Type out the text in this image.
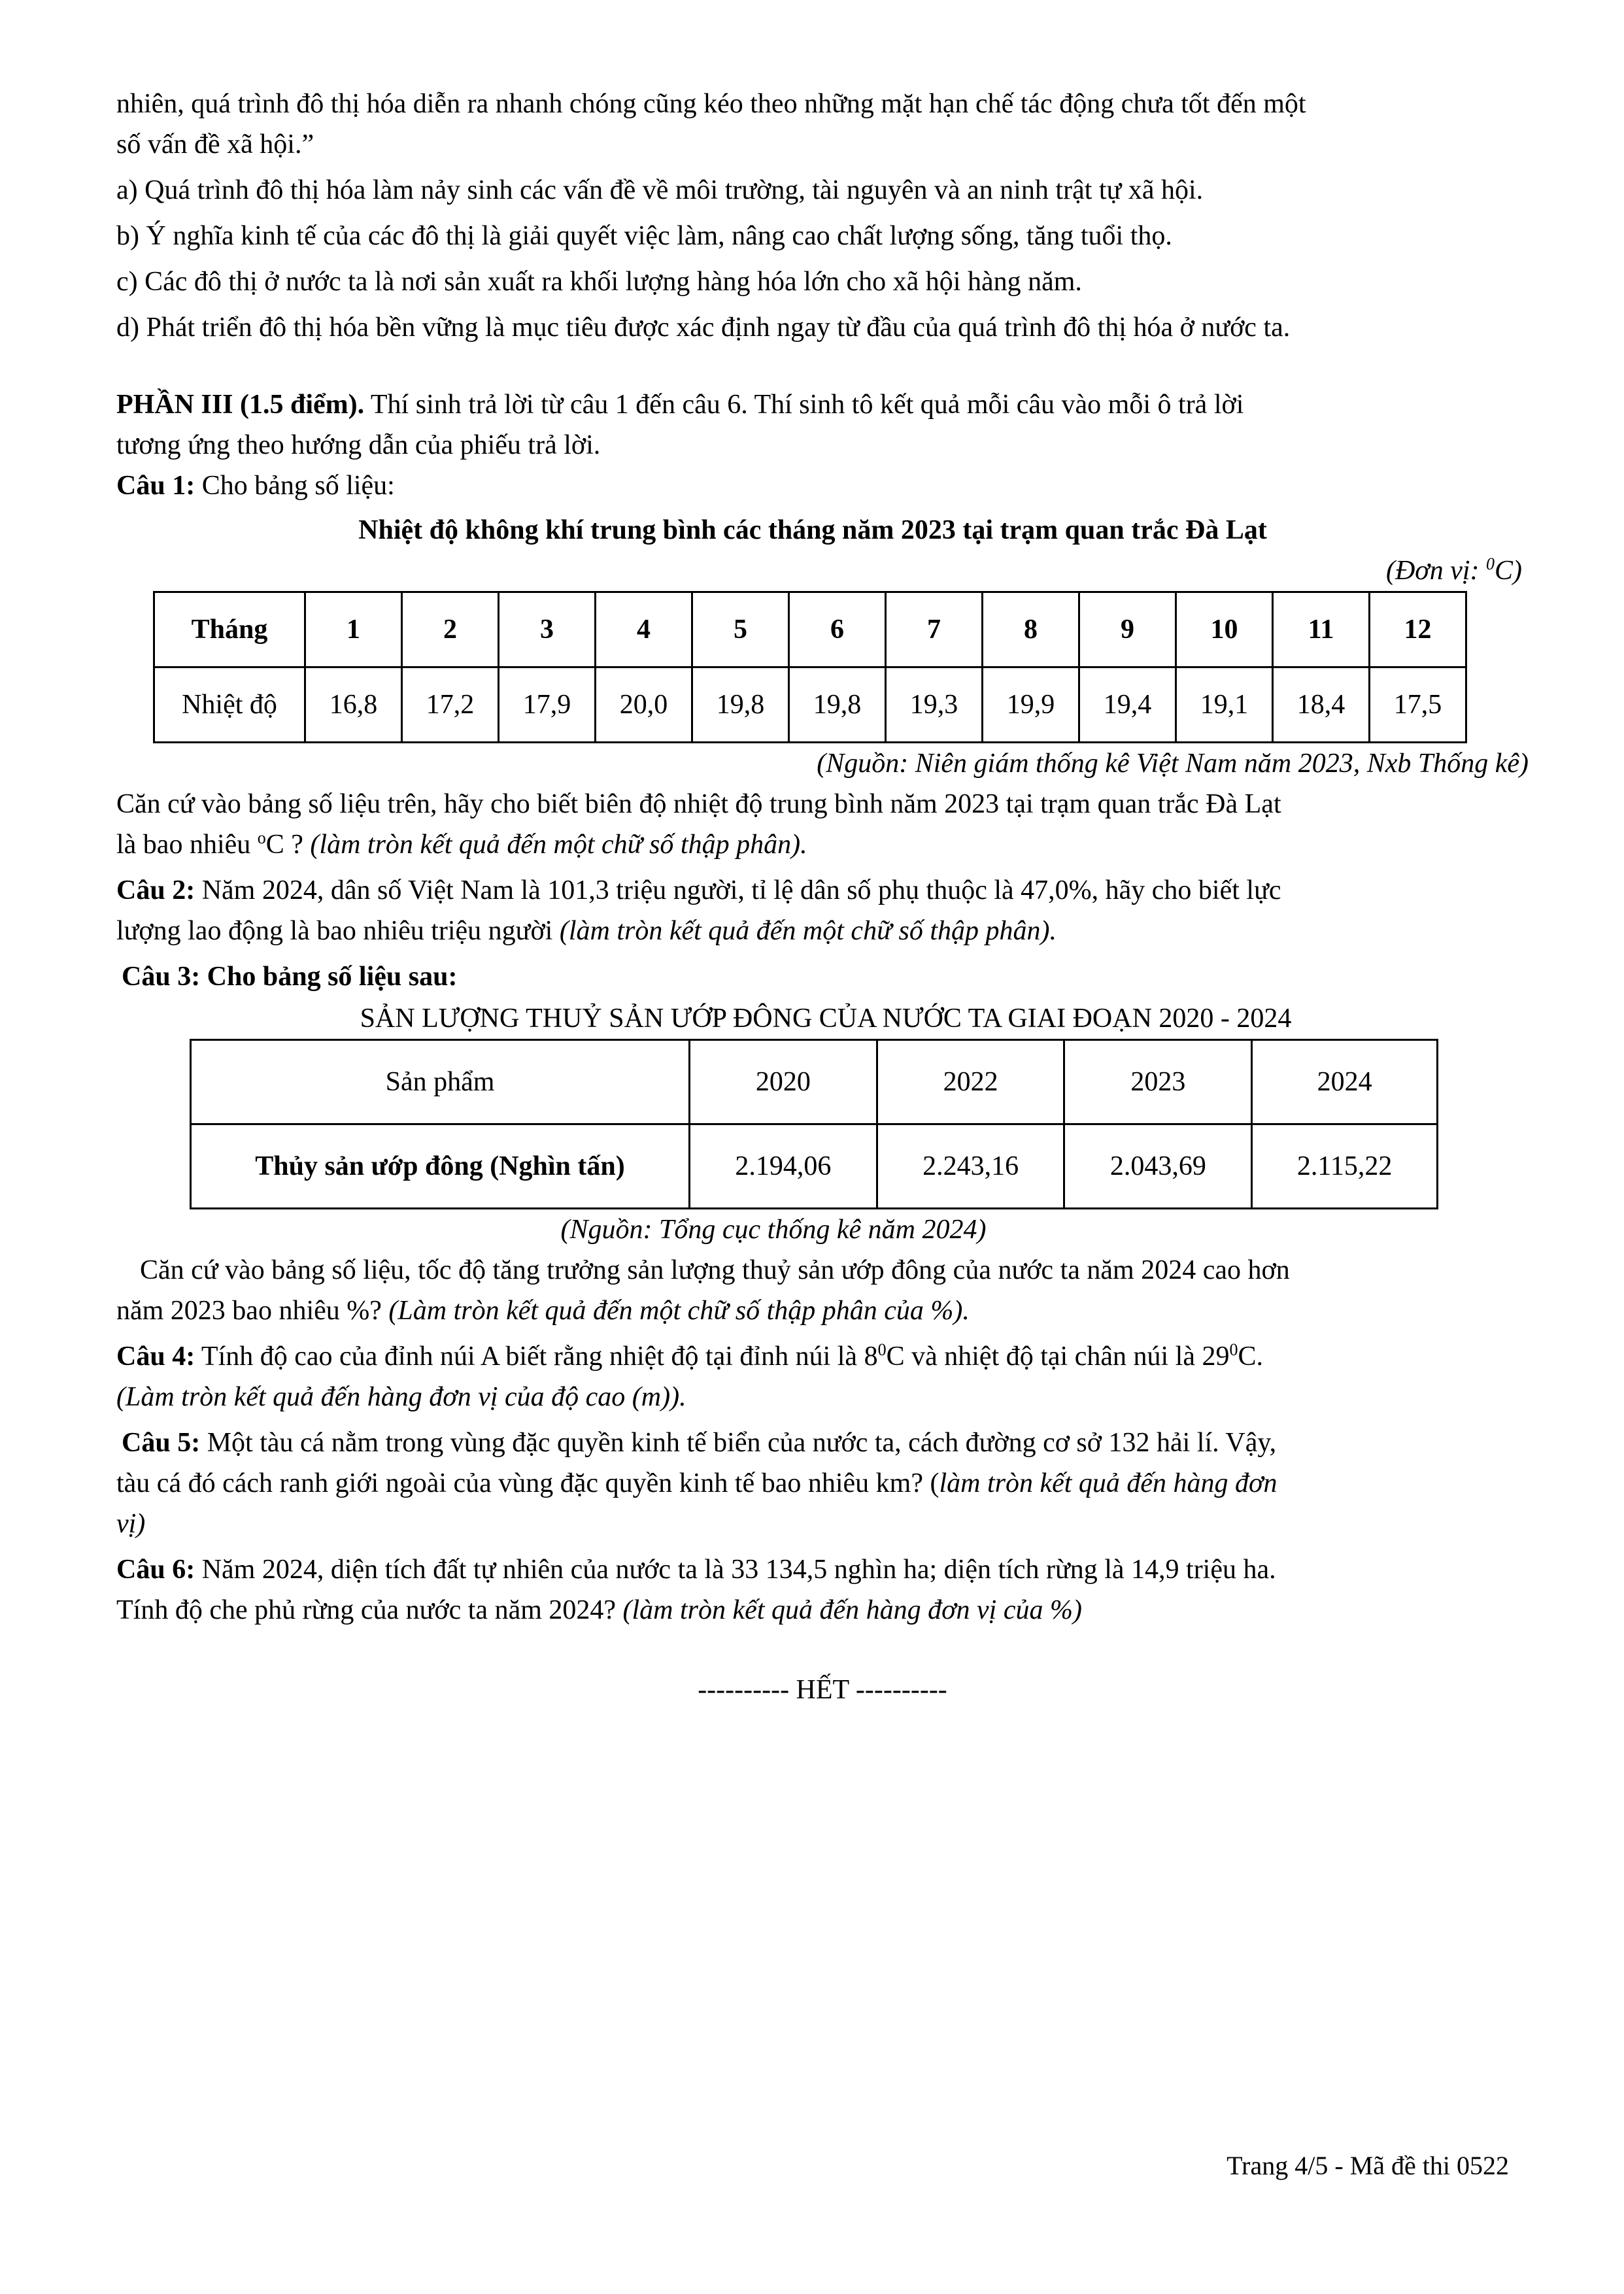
nhiên, quá trình đô thị hóa diễn ra nhanh chóng cũng kéo theo những mặt hạn chế tác động chưa tốt đến một

số vấn đề xã hội.”

a) Quá trình đô thị hóa làm nảy sinh các vấn đề về môi trường, tài nguyên và an ninh trật tự xã hội.

b) Ý nghĩa kinh tế của các đô thị là giải quyết việc làm, nâng cao chất lượng sống, tăng tuổi thọ.

c) Các đô thị ở nước ta là nơi sản xuất ra khối lượng hàng hóa lớn cho xã hội hàng năm.

d) Phát triển đô thị hóa bền vững là mục tiêu được xác định ngay từ đầu của quá trình đô thị hóa ở nước ta.

PHẦN III (1.5 điểm). Thí sinh trả lời từ câu 1 đến câu 6. Thí sinh tô kết quả mỗi câu vào mỗi ô trả lời

tương ứng theo hướng dẫn của phiếu trả lời.

Câu 1: Cho bảng số liệu:

Nhiệt độ không khí trung bình các tháng năm 2023 tại trạm quan trắc Đà Lạt

(Đơn vị: $^0$C)

Tháng	1	2	3	4	5	6	7	8	9	10	11	12
Nhiệt độ	16,8	17,2	17,9	20,0	19,8	19,8	19,3	19,9	19,4	19,1	18,4	17,5

(Nguồn: Niên giám thống kê Việt Nam năm 2023, Nxb Thống kê)

Căn cứ vào bảng số liệu trên, hãy cho biết biên độ nhiệt độ trung bình năm 2023 tại trạm quan trắc Đà Lạt

là bao nhiêu $^o$C ? (làm tròn kết quả đến một chữ số thập phân).

Câu 2: Năm 2024, dân số Việt Nam là 101,3 triệu người, tỉ lệ dân số phụ thuộc là 47,0%, hãy cho biết lực

lượng lao động là bao nhiêu triệu người (làm tròn kết quả đến một chữ số thập phân).

Câu 3: Cho bảng số liệu sau:

SẢN LƯỢNG THUỶ SẢN ƯỚP ĐÔNG CỦA NƯỚC TA GIAI ĐOẠN 2020 - 2024

Sản phẩm	2020	2022	2023	2024
Thủy sản ướp đông (Nghìn tấn)	2.194,06	2.243,16	2.043,69	2.115,22

(Nguồn: Tổng cục thống kê năm 2024)

Căn cứ vào bảng số liệu, tốc độ tăng trưởng sản lượng thuỷ sản ướp đông của nước ta năm 2024 cao hơn

năm 2023 bao nhiêu %? (Làm tròn kết quả đến một chữ số thập phân của %).

Câu 4: Tính độ cao của đỉnh núi A biết rằng nhiệt độ tại đỉnh núi là $8^0C$ và nhiệt độ tại chân núi là $29^0C$.

(Làm tròn kết quả đến hàng đơn vị của độ cao (m)).

Câu 5: Một tàu cá nằm trong vùng đặc quyền kinh tế biển của nước ta, cách đường cơ sở 132 hải lí. Vậy,

tàu cá đó cách ranh giới ngoài của vùng đặc quyền kinh tế bao nhiêu km? (làm tròn kết quả đến hàng đơn

vị)

Câu 6: Năm 2024, diện tích đất tự nhiên của nước ta là 33 134,5 nghìn ha; diện tích rừng là 14,9 triệu ha.

Tính độ che phủ rừng của nước ta năm 2024? (làm tròn kết quả đến hàng đơn vị của %)

---------- HẾT ----------

Trang 4/5 - Mã đề thi 0522
